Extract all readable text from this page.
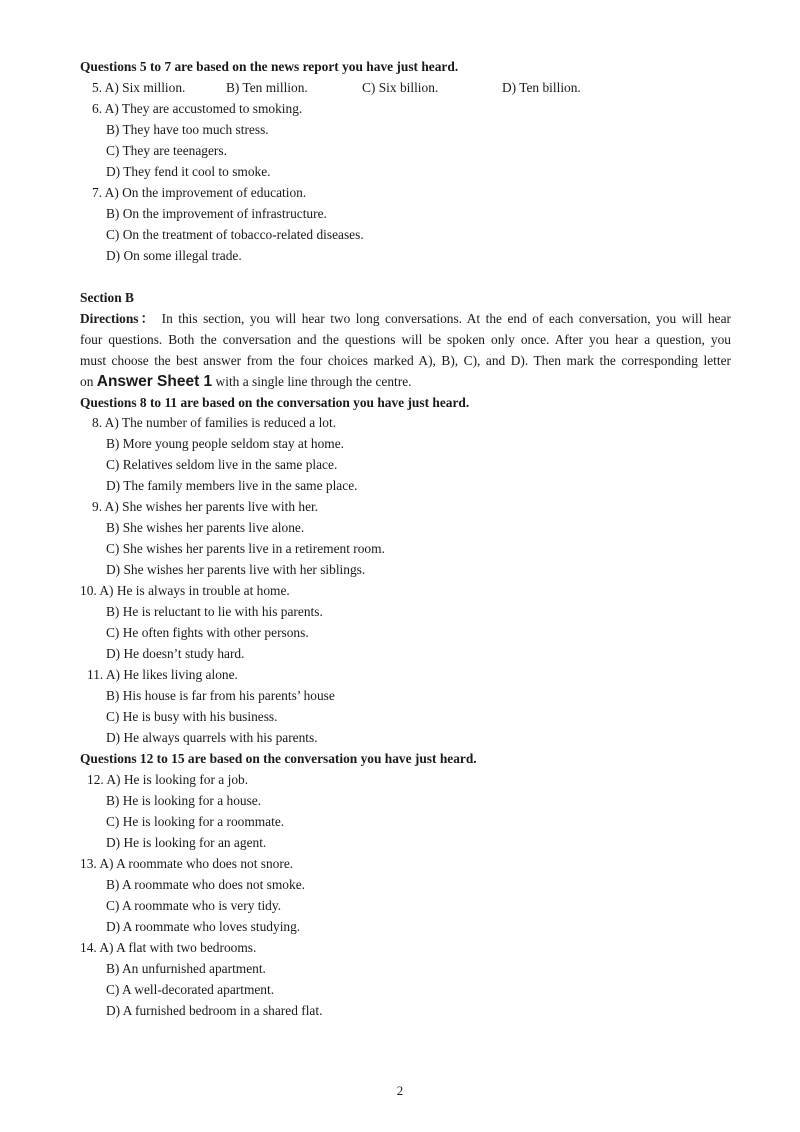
Questions 5 to 7 are based on the news report you have just heard.
5. A) Six million.	B) Ten million.	C) Six billion.	D) Ten billion.
6. A) They are accustomed to smoking.
B) They have too much stress.
C) They are teenagers.
D) They fend it cool to smoke.
7. A) On the improvement of education.
B) On the improvement of infrastructure.
C) On the treatment of tobacco-related diseases.
D) On some illegal trade.
Section B
Directions： In this section, you will hear two long conversations. At the end of each conversation, you will hear
four questions. Both the conversation and the questions will be spoken only once. After you hear a question, you
must choose the best answer from the four choices marked A), B), C), and D). Then mark the corresponding letter
on Answer Sheet 1 with a single line through the centre.
Questions 8 to 11 are based on the conversation you have just heard.
8. A) The number of families is reduced a lot.
B) More young people seldom stay at home.
C) Relatives seldom live in the same place.
D) The family members live in the same place.
9. A) She wishes her parents live with her.
B) She wishes her parents live alone.
C) She wishes her parents live in a retirement room.
D) She wishes her parents live with her siblings.
10. A) He is always in trouble at home.
B) He is reluctant to lie with his parents.
C) He often fights with other persons.
D) He doesn’t study hard.
11. A) He likes living alone.
B) His house is far from his parents’ house
C) He is busy with his business.
D) He always quarrels with his parents.
Questions 12 to 15 are based on the conversation you have just heard.
12. A) He is looking for a job.
B) He is looking for a house.
C) He is looking for a roommate.
D) He is looking for an agent.
13. A) A roommate who does not snore.
B) A roommate who does not smoke.
C) A roommate who is very tidy.
D) A roommate who loves studying.
14. A) A flat with two bedrooms.
B) An unfurnished apartment.
C) A well-decorated apartment.
D) A furnished bedroom in a shared flat.
2
